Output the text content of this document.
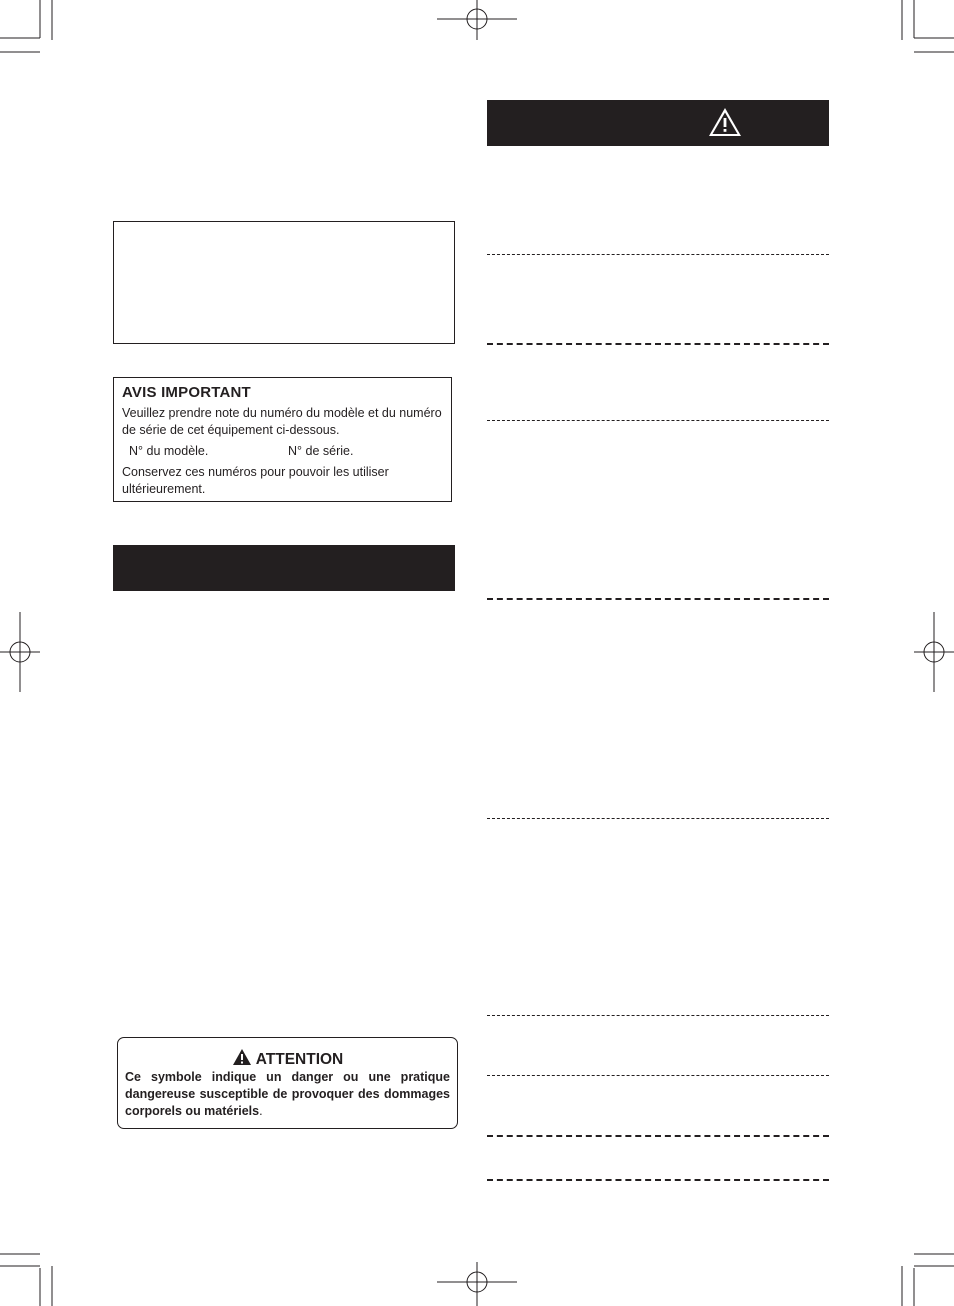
AVIS IMPORTANT
Veuillez prendre note du numéro du modèle et du numéro
de série de cet équipement ci-dessous.
N° du modèle.	N° de série.
Conservez ces numéros pour pouvoir les utiliser
ultérieurement.
ATTENTION
Ce symbole indique un danger ou une pratique dangereuse susceptible de provoquer des dommages corporels ou matériels.
